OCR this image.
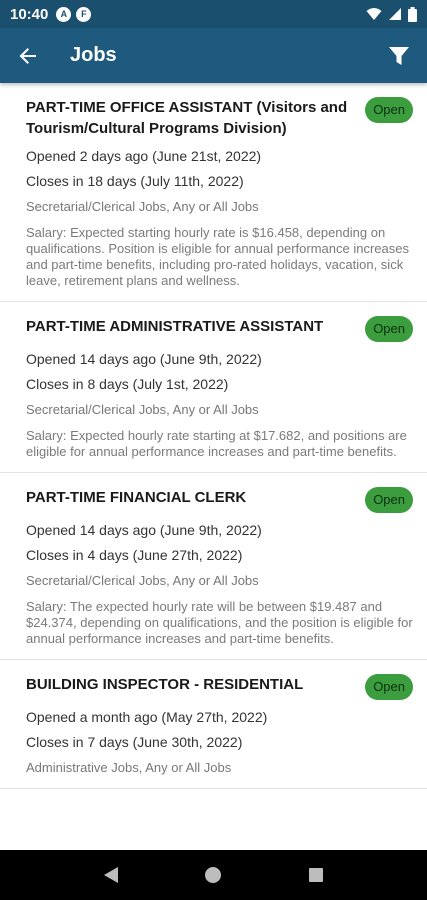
10:40	A	F
Jobs
PART-TIME OFFICE ASSISTANT (Visitors and Tourism/Cultural Programs Division)
Open
Opened 2 days ago (June 21st, 2022)
Closes in 18 days (July 11th, 2022)
Secretarial/Clerical Jobs, Any or All Jobs
Salary: Expected starting hourly rate is $16.458, depending on qualifications. Position is eligible for annual performance increases and part-time benefits, including pro-rated holidays, vacation, sick leave, retirement plans and wellness.
PART-TIME ADMINISTRATIVE ASSISTANT	Open
Opened 14 days ago (June 9th, 2022)
Closes in 8 days (July 1st, 2022)
Secretarial/Clerical Jobs, Any or All Jobs
Salary: Expected hourly rate starting at $17.682, and positions are eligible for annual performance increases and part-time benefits.
PART-TIME FINANCIAL CLERK	Open
Opened 14 days ago (June 9th, 2022)
Closes in 4 days (June 27th, 2022)
Secretarial/Clerical Jobs, Any or All Jobs
Salary: The expected hourly rate will be between $19.487 and $24.374, depending on qualifications, and the position is eligible for annual performance increases and part-time benefits.
BUILDING INSPECTOR - RESIDENTIAL	Open
Opened a month ago (May 27th, 2022)
Closes in 7 days (June 30th, 2022)
Administrative Jobs, Any or All Jobs
